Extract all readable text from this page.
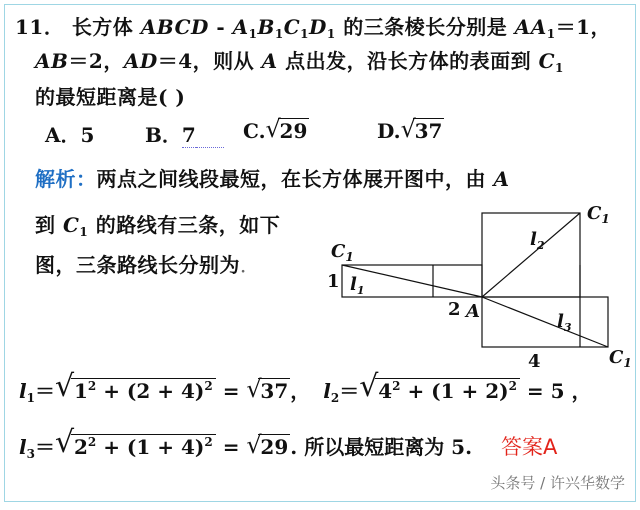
11． 长方体 ABCD - $A_1B_1C_1D_1$ 的三条棱长分别是 $AA_1=1$，
AB＝2，AD＝4，则从 A 点出发，沿长方体的表面到 $C_1$
的最短距离是( )
A．5	B．7	C. √
29	D. √
37
解析：两点之间线段最短，在长方体展开图中，由 A
到 $C_1$ 的路线有三条，如下
图，三条路线长分别为．
$C_1$
$C_1$
$C_1$
1
2 A
4
$l_1$
$l_2$
$l_3$
$l_1=$ √ $1^2 + (2 + 4)^2$ = √
37 ， $l_2=$ √ $4^2 + (1 + 2)^2 = 5$ ，
$l_3=$ √ $2^2 + (1 + 4)^2$ = √
29 . 所以最短距离为 5. 答案A
头条号 / 许兴华数学
